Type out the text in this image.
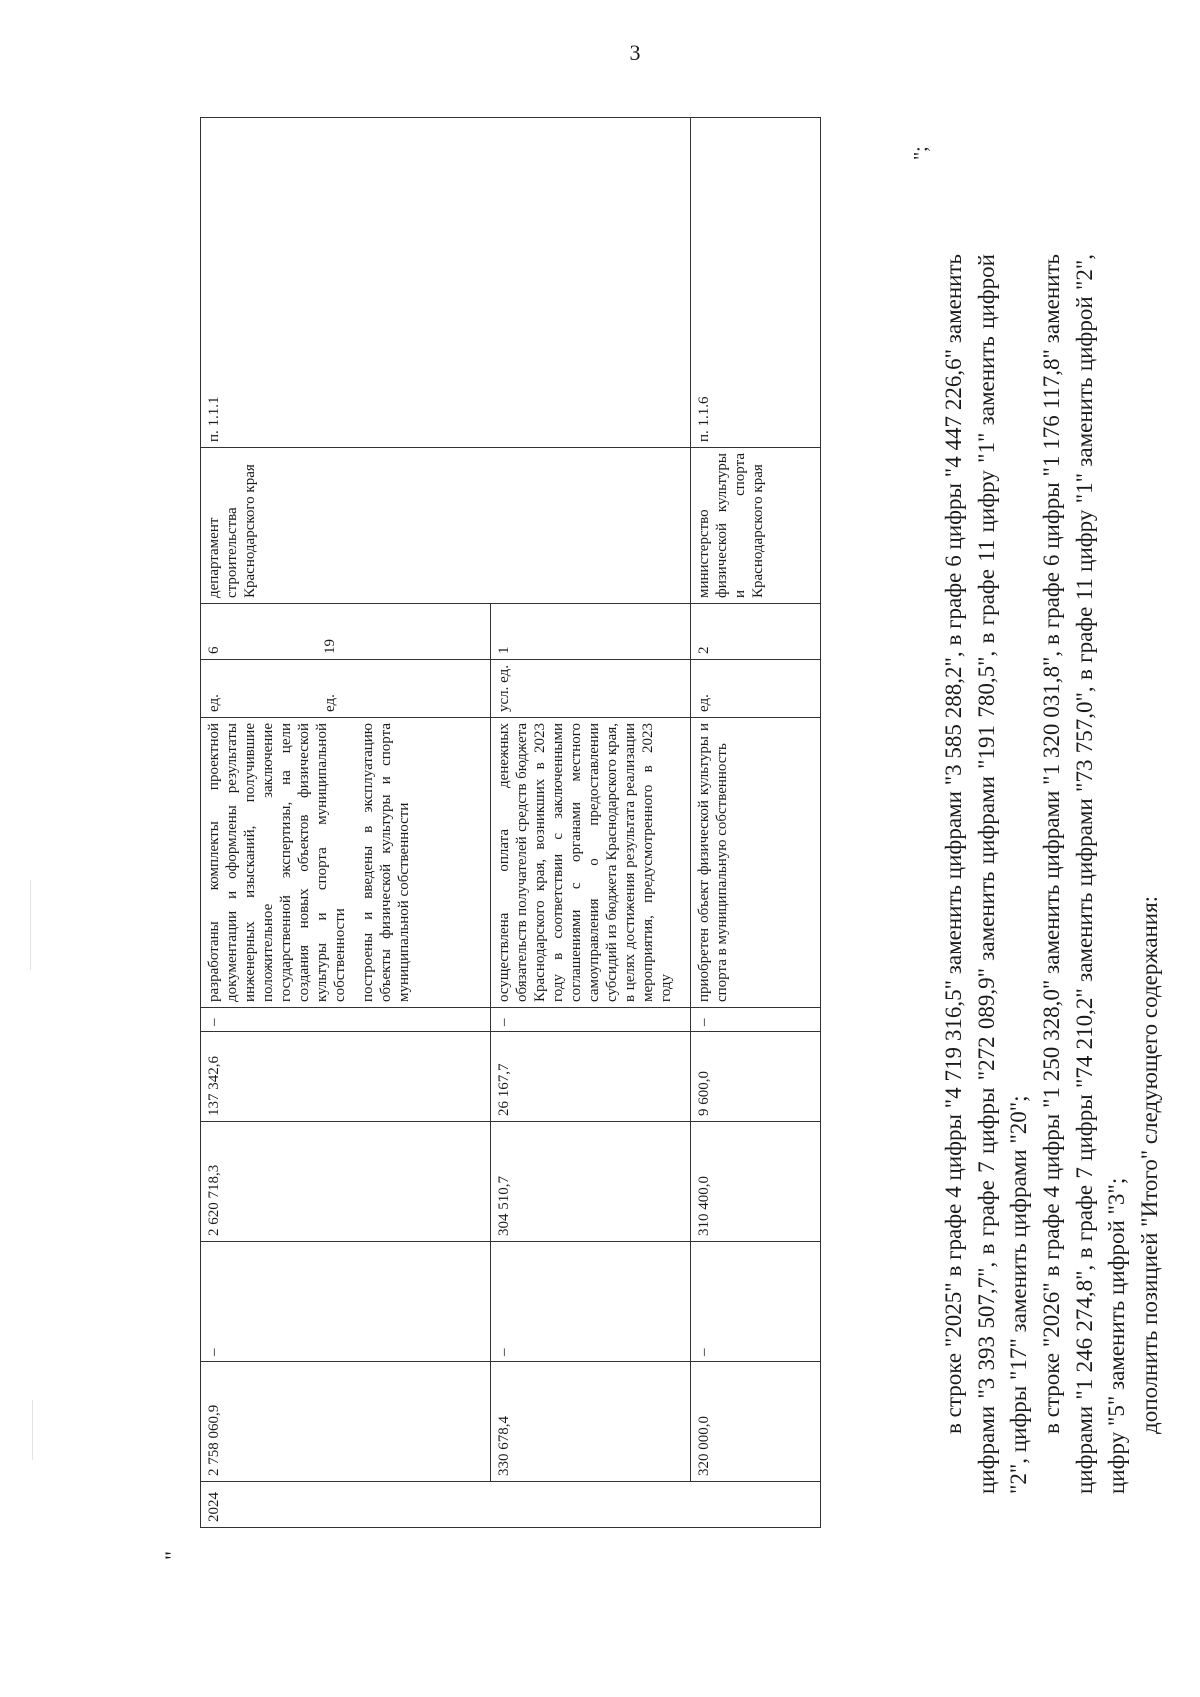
3
"
2024	2 758 060,9	–	2 620 718,3	137 342,6	–	разработаны комплекты проектной документации и оформлены результаты инженерных изысканий, получившие положительное заключение государственной экспертизы, на цели создания новых объектов физической культуры и спорта муниципальной собственности построены и введены в эксплуатацию объекты физической культуры и спорта муниципальной собственности	ед. ед.	6 19	департамент строительства Краснодарского края	п. 1.1.1
	330 678,4	–	304 510,7	26 167,7	–	осуществлена оплата денежных обязательств получателей средств бюджета Краснодарского края, возникших в 2023 году в соответствии с заключенными соглашениями с органами местного самоуправления о предоставлении субсидий из бюджета Краснодарского края, в целях достижения результата реализации мероприятия, предусмотренного в 2023 году	усл. ед.	1		
	320 000,0	–	310 400,0	9 600,0	–	приобретен объект физической культуры и спорта в муниципальную собственность	ед.	2	министерство физической культуры и спорта Краснодарского края	п. 1.1.6
";

в строке "2025" в графе 4 цифры "4 719 316,5" заменить цифрами "3 585 288,2", в графе 6 цифры "4 447 226,6" заменить цифрами "3 393 507,7", в графе 7 цифры "272 089,9" заменить цифрами "191 780,5", в графе 11 цифру "1" заменить цифрой "2", цифры "17" заменить цифрами "20"; в строке "2026" в графе 4 цифры "1 250 328,0" заменить цифрами "1 320 031,8", в графе 6 цифры "1 176 117,8" заменить цифрами "1 246 274,8", в графе 7 цифры "74 210,2" заменить цифрами "73 757,0", в графе 11 цифру "1" заменить цифрой "2", цифру "5" заменить цифрой "3"; дополнить позицией "Итого" следующего содержания:
